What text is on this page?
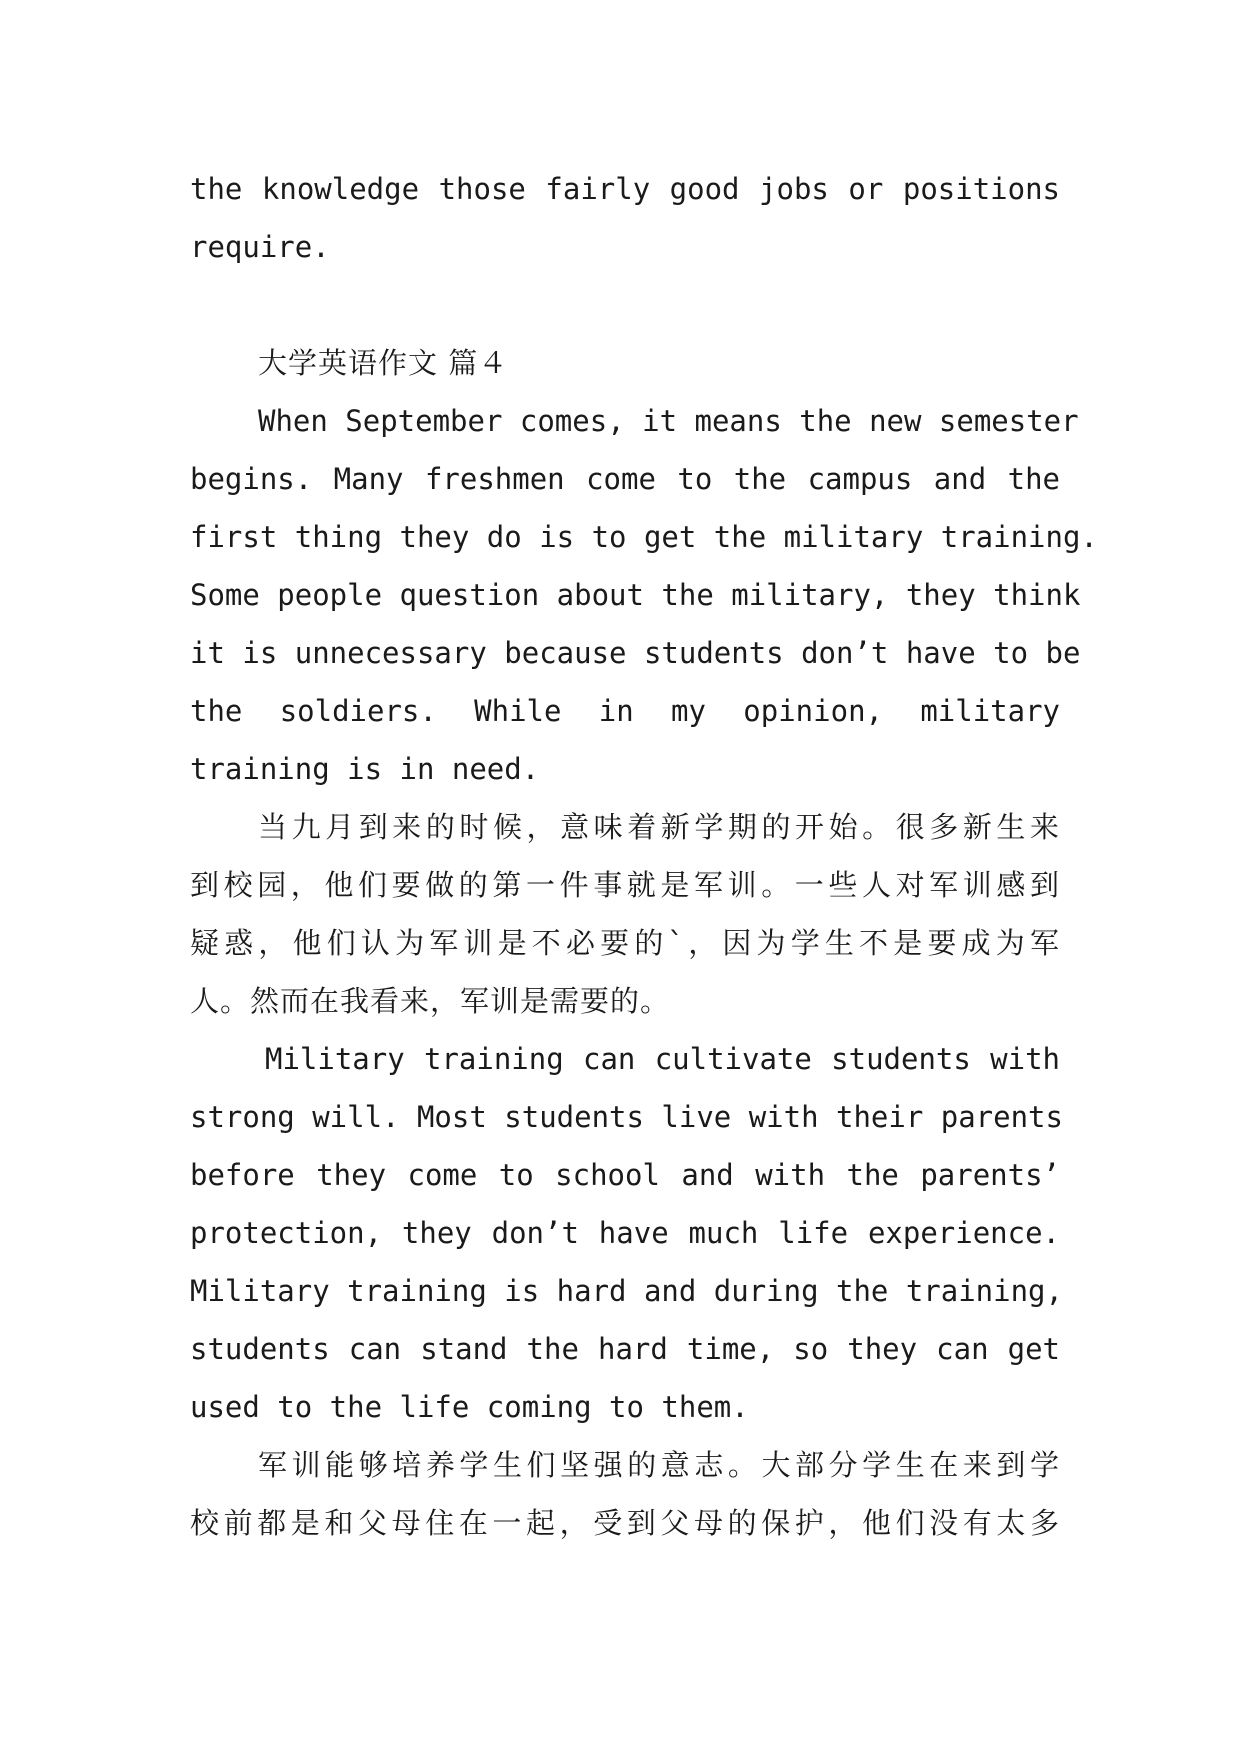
the knowledge those fairly good jobs or positions
require.
大学英语作文 篇４
When September comes, it means the new semester
begins. Many freshmen come to the campus and the
first thing they do is to get the military training.
Some people question about the military, they think
it is unnecessary because students don’t have to be
the soldiers. While in my opinion, military
training is in need.
当九月到来的时候，意味着新学期的开始。很多新生来
到校园，他们要做的第一件事就是军训。一些人对军训感到
疑惑，他们认为军训是不必要的`，因为学生不是要成为军
人。然而在我看来，军训是需要的。
Military training can cultivate students with
strong will. Most students live with their parents
before they come to school and with the parents’
protection, they don’t have much life experience.
Military training is hard and during the training,
students can stand the hard time, so they can get
used to the life coming to them.
军训能够培养学生们坚强的意志。大部分学生在来到学
校前都是和父母住在一起，受到父母的保护，他们没有太多
